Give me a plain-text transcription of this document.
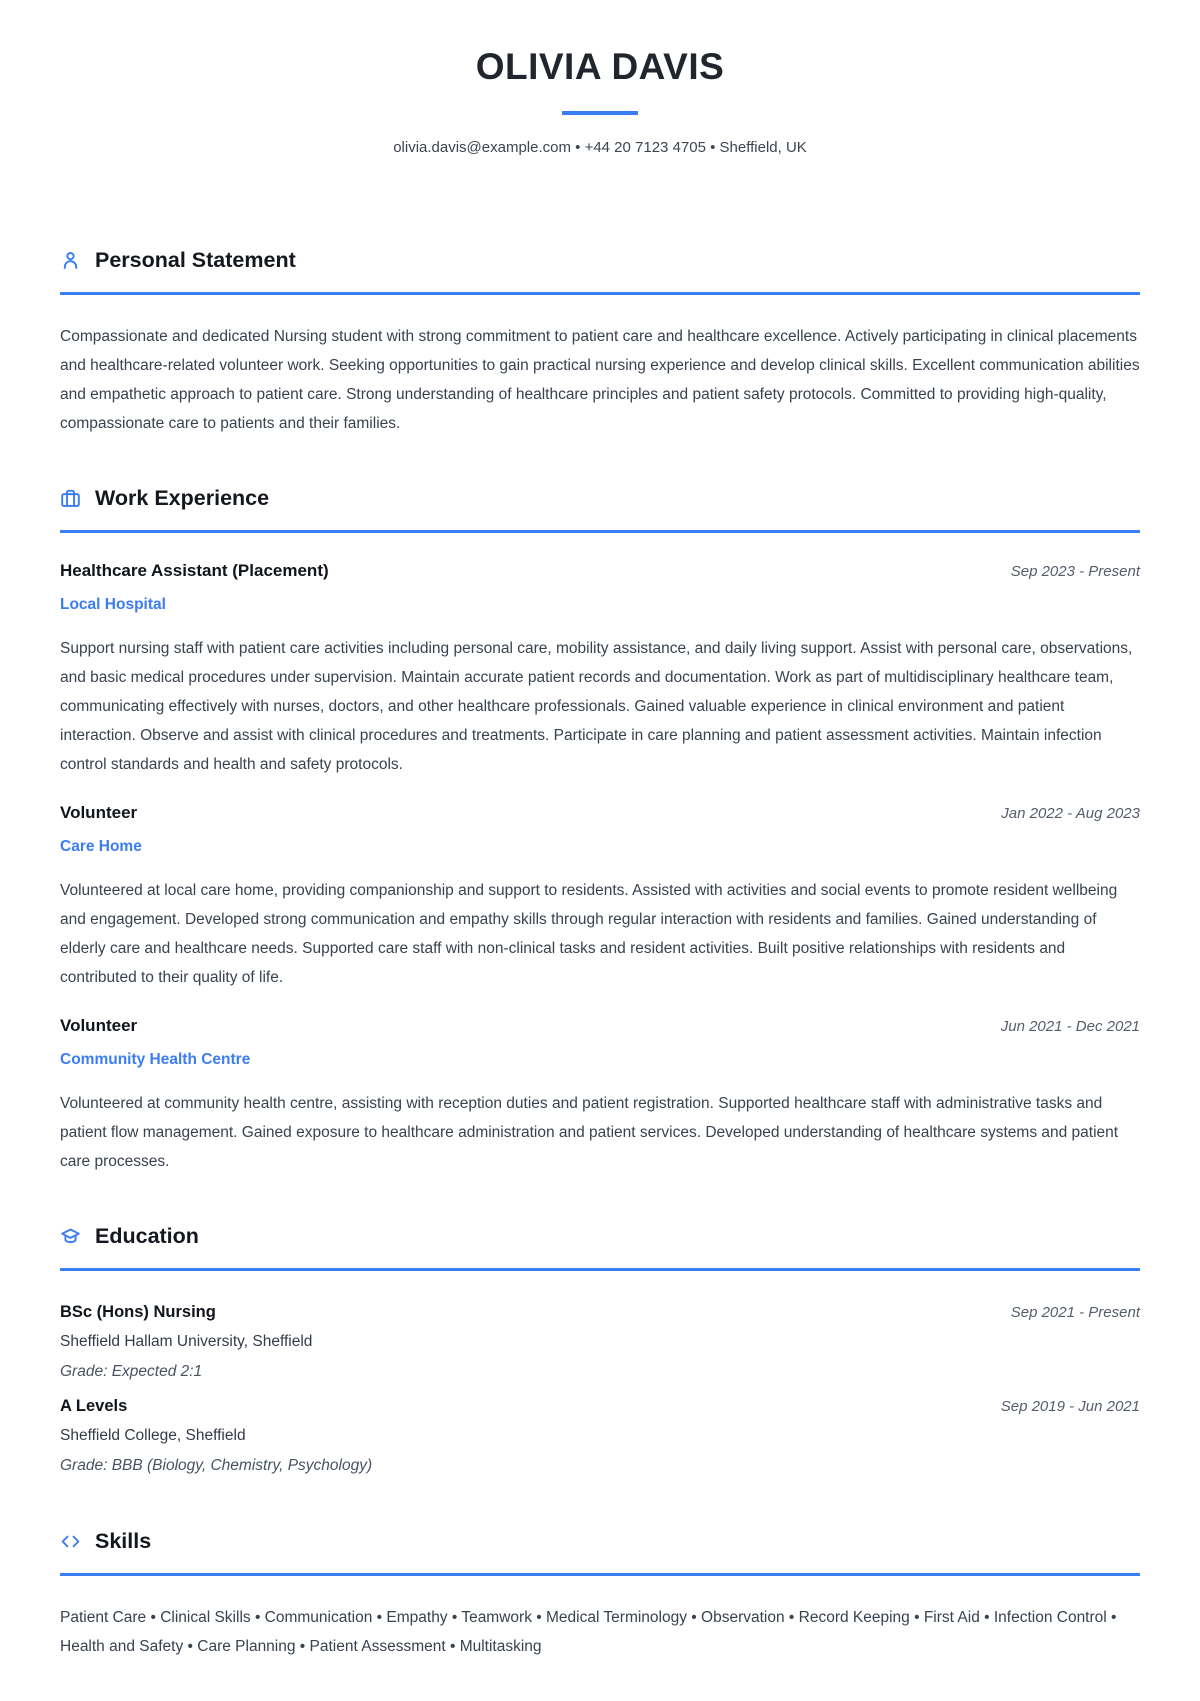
OLIVIA DAVIS
olivia.davis@example.com • +44 20 7123 4705 • Sheffield, UK
Personal Statement

Compassionate and dedicated Nursing student with strong commitment to patient care and healthcare excellence. Actively participating in clinical placements and healthcare-related volunteer work. Seeking opportunities to gain practical nursing experience and develop clinical skills. Excellent communication abilities and empathetic approach to patient care. Strong understanding of healthcare principles and patient safety protocols. Committed to providing high-quality, compassionate care to patients and their families.

Work Experience
Healthcare Assistant (Placement)	Sep 2023 - Present
Local Hospital

Support nursing staff with patient care activities including personal care, mobility assistance, and daily living support. Assist with personal care, observations, and basic medical procedures under supervision. Maintain accurate patient records and documentation. Work as part of multidisciplinary healthcare team, communicating effectively with nurses, doctors, and other healthcare professionals. Gained valuable experience in clinical environment and patient interaction. Observe and assist with clinical procedures and treatments. Participate in care planning and patient assessment activities. Maintain infection control standards and health and safety protocols.

Volunteer	Jan 2022 - Aug 2023
Care Home

Volunteered at local care home, providing companionship and support to residents. Assisted with activities and social events to promote resident wellbeing and engagement. Developed strong communication and empathy skills through regular interaction with residents and families. Gained understanding of elderly care and healthcare needs. Supported care staff with non-clinical tasks and resident activities. Built positive relationships with residents and contributed to their quality of life.

Volunteer	Jun 2021 - Dec 2021
Community Health Centre

Volunteered at community health centre, assisting with reception duties and patient registration. Supported healthcare staff with administrative tasks and patient flow management. Gained exposure to healthcare administration and patient services. Developed understanding of healthcare systems and patient care processes.

Education
BSc (Hons) Nursing	Sep 2021 - Present
Sheffield Hallam University, Sheffield
Grade: Expected 2:1
A Levels	Sep 2019 - Jun 2021
Sheffield College, Sheffield
Grade: BBB (Biology, Chemistry, Psychology)
Skills

Patient Care • Clinical Skills • Communication • Empathy • Teamwork • Medical Terminology • Observation • Record Keeping • First Aid • Infection Control • Health and Safety • Care Planning • Patient Assessment • Multitasking
